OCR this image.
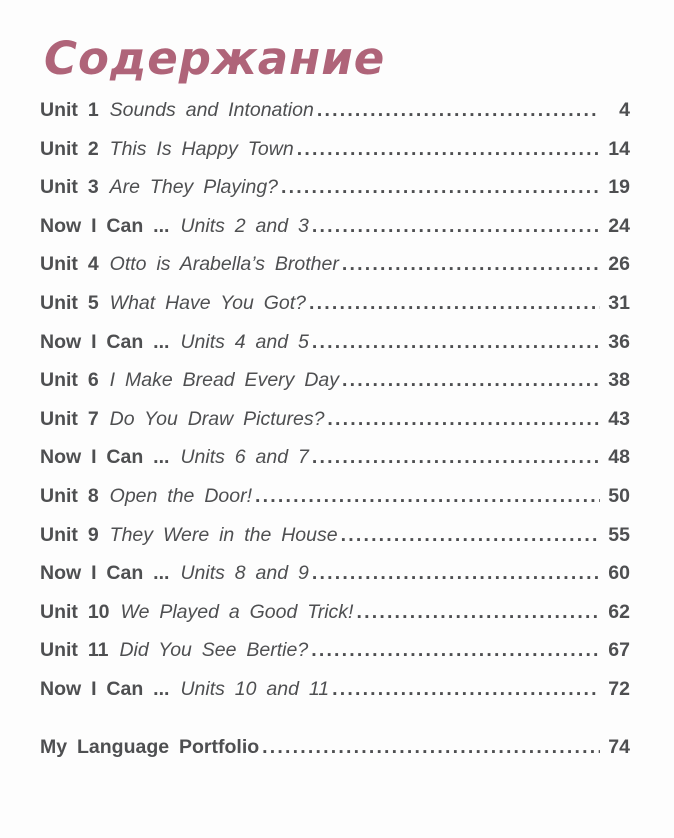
Содержание
Unit 1 Sounds and Intonation .....	4
Unit 2 This Is Happy Town .....	14
Unit 3 Are They Playing? .....	19
Now I Can ... Units 2 and 3 .....	24
Unit 4 Otto is Arabella’s Brother .....	26
Unit 5 What Have You Got? .....	31
Now I Can ... Units 4 and 5 .....	36
Unit 6 I Make Bread Every Day .....	38
Unit 7 Do You Draw Pictures? .....	43
Now I Can ... Units 6 and 7 .....	48
Unit 8 Open the Door! .....	50
Unit 9 They Were in the House .....	55
Now I Can ... Units 8 and 9 .....	60
Unit 10 We Played a Good Trick! .....	62
Unit 11 Did You See Bertie? .....	67
Now I Can ... Units 10 and 11 .....	72
My Language Portfolio .....	74
